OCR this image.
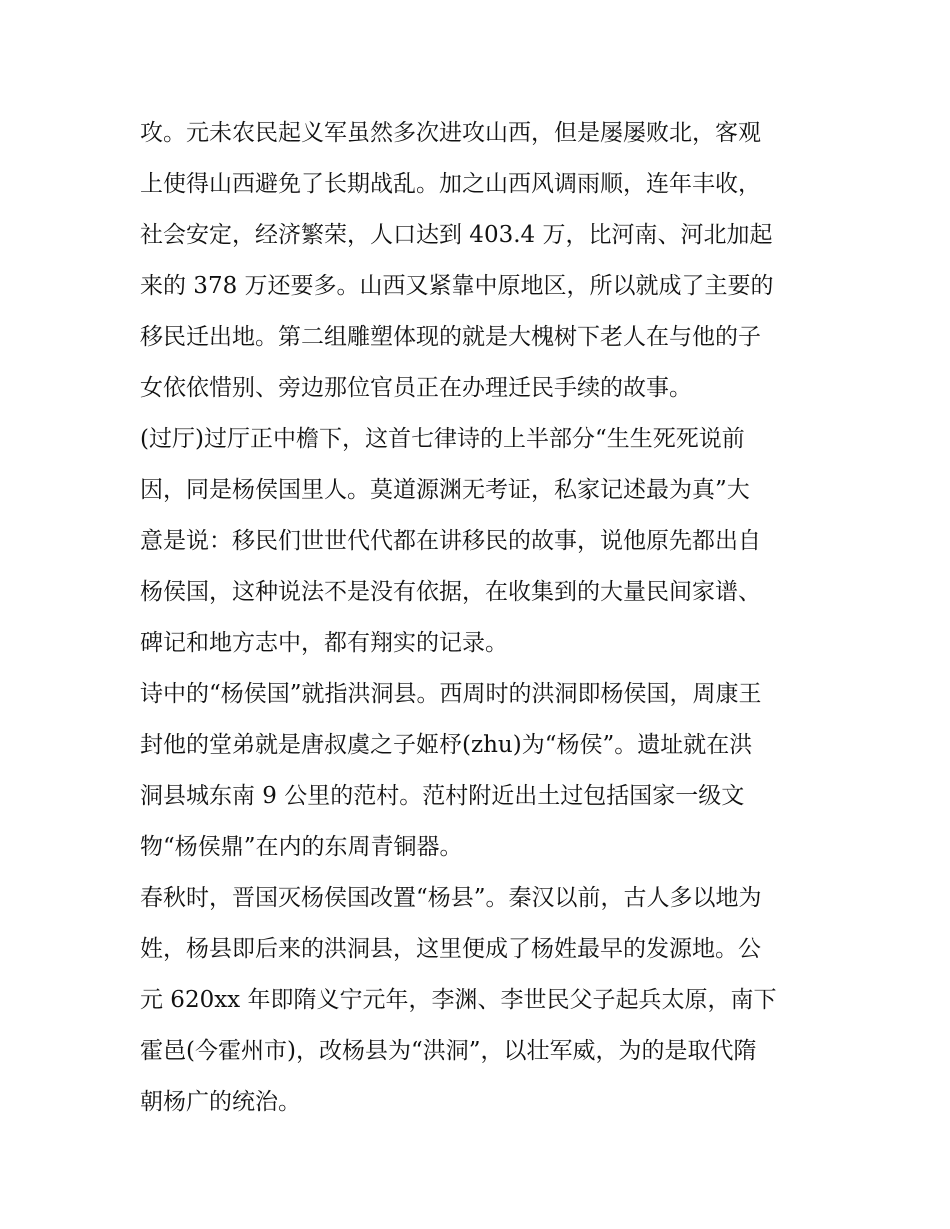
攻。元未农民起义军虽然多次进攻山西，但是屡屡败北，客观
上使得山西避免了长期战乱。加之山西风调雨顺，连年丰收，
社会安定，经济繁荣，人口达到 403.4 万，比河南、河北加起
来的 378 万还要多。山西又紧靠中原地区，所以就成了主要的
移民迁出地。第二组雕塑体现的就是大槐树下老人在与他的子
女依依惜别、旁边那位官员正在办理迁民手续的故事。
(过厅)过厅正中檐下，这首七律诗的上半部分“生生死死说前
因，同是杨侯国里人。莫道源渊无考证，私家记述最为真”大
意是说：移民们世世代代都在讲移民的故事，说他原先都出自
杨侯国，这种说法不是没有依据，在收集到的大量民间家谱、
碑记和地方志中，都有翔实的记录。
诗中的“杨侯国”就指洪洞县。西周时的洪洞即杨侯国，周康王
封他的堂弟就是唐叔虞之子姬杼(zhu)为“杨侯”。遗址就在洪
洞县城东南 9 公里的范村。范村附近出土过包括国家一级文
物“杨侯鼎”在内的东周青铜器。
春秋时，晋国灭杨侯国改置“杨县”。秦汉以前，古人多以地为
姓，杨县即后来的洪洞县，这里便成了杨姓最早的发源地。公
元 620xx 年即隋义宁元年，李渊、李世民父子起兵太原，南下
霍邑(今霍州市)，改杨县为“洪洞”，以壮军威，为的是取代隋
朝杨广的统治。
